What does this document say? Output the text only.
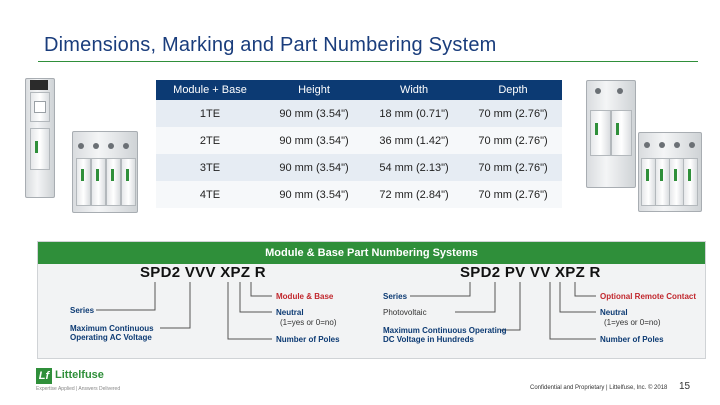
Dimensions, Marking and Part Numbering System
Module + Base	Height	Width	Depth
1TE	90 mm (3.54")	18 mm (0.71")	70 mm (2.76")
2TE	90 mm (3.54")	36 mm (1.42")	70 mm (2.76")
3TE	90 mm (3.54")	54 mm (2.13")	70 mm (2.76")
4TE	90 mm (3.54")	72 mm (2.84")	70 mm (2.76")
Module & Base Part Numbering Systems
SPD2 VVV XPZ R	SPD2 PV VV XPZ R
Series
Maximum Continuous Operating AC Voltage
Module & Base
Neutral
(1=yes or 0=no)
Number of Poles
Series
Photovoltaic
Maximum Continuous Operating DC Voltage in Hundreds
Optional Remote Contact
Neutral
(1=yes or 0=no)
Number of Poles
Lf Littelfuse
Expertise Applied | Answers Delivered	Confidential and Proprietary | Littelfuse, Inc. © 2018 15
